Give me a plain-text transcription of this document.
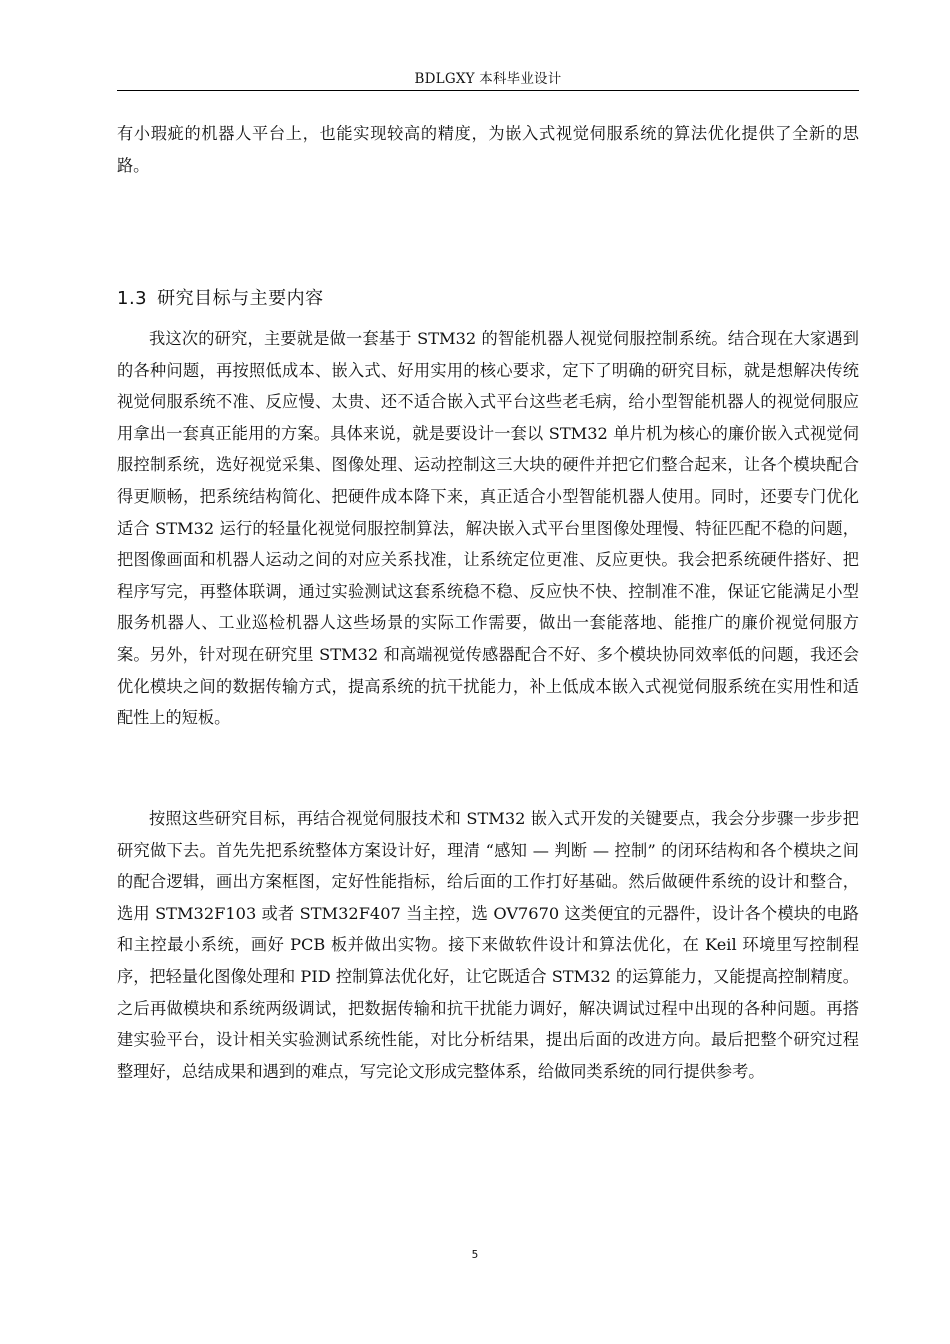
BDLGXY 本科毕业设计
有小瑕疵的机器人平台上，也能实现较高的精度，为嵌入式视觉伺服系统的算法优化提供了全新的思路。
1.3 研究目标与主要内容
我这次的研究，主要就是做一套基于 STM32 的智能机器人视觉伺服控制系统。结合现在大家遇到的各种问题，再按照低成本、嵌入式、好用实用的核心要求，定下了明确的研究目标，就是想解决传统视觉伺服系统不准、反应慢、太贵、还不适合嵌入式平台这些老毛病，给小型智能机器人的视觉伺服应用拿出一套真正能用的方案。具体来说，就是要设计一套以 STM32 单片机为核心的廉价嵌入式视觉伺服控制系统，选好视觉采集、图像处理、运动控制这三大块的硬件并把它们整合起来，让各个模块配合得更顺畅，把系统结构简化、把硬件成本降下来，真正适合小型智能机器人使用。同时，还要专门优化适合 STM32 运行的轻量化视觉伺服控制算法，解决嵌入式平台里图像处理慢、特征匹配不稳的问题，把图像画面和机器人运动之间的对应关系找准，让系统定位更准、反应更快。我会把系统硬件搭好、把程序写完，再整体联调，通过实验测试这套系统稳不稳、反应快不快、控制准不准，保证它能满足小型服务机器人、工业巡检机器人这些场景的实际工作需要，做出一套能落地、能推广的廉价视觉伺服方案。另外，针对现在研究里 STM32 和高端视觉传感器配合不好、多个模块协同效率低的问题，我还会优化模块之间的数据传输方式，提高系统的抗干扰能力，补上低成本嵌入式视觉伺服系统在实用性和适配性上的短板。
按照这些研究目标，再结合视觉伺服技术和 STM32 嵌入式开发的关键要点，我会分步骤一步步把研究做下去。首先先把系统整体方案设计好，理清 “感知 — 判断 — 控制” 的闭环结构和各个模块之间的配合逻辑，画出方案框图，定好性能指标，给后面的工作打好基础。然后做硬件系统的设计和整合，选用 STM32F103 或者 STM32F407 当主控，选 OV7670 这类便宜的元器件，设计各个模块的电路和主控最小系统，画好 PCB 板并做出实物。接下来做软件设计和算法优化，在 Keil 环境里写控制程序，把轻量化图像处理和 PID 控制算法优化好，让它既适合 STM32 的运算能力，又能提高控制精度。之后再做模块和系统两级调试，把数据传输和抗干扰能力调好，解决调试过程中出现的各种问题。再搭建实验平台，设计相关实验测试系统性能，对比分析结果，提出后面的改进方向。最后把整个研究过程整理好，总结成果和遇到的难点，写完论文形成完整体系，给做同类系统的同行提供参考。
5
